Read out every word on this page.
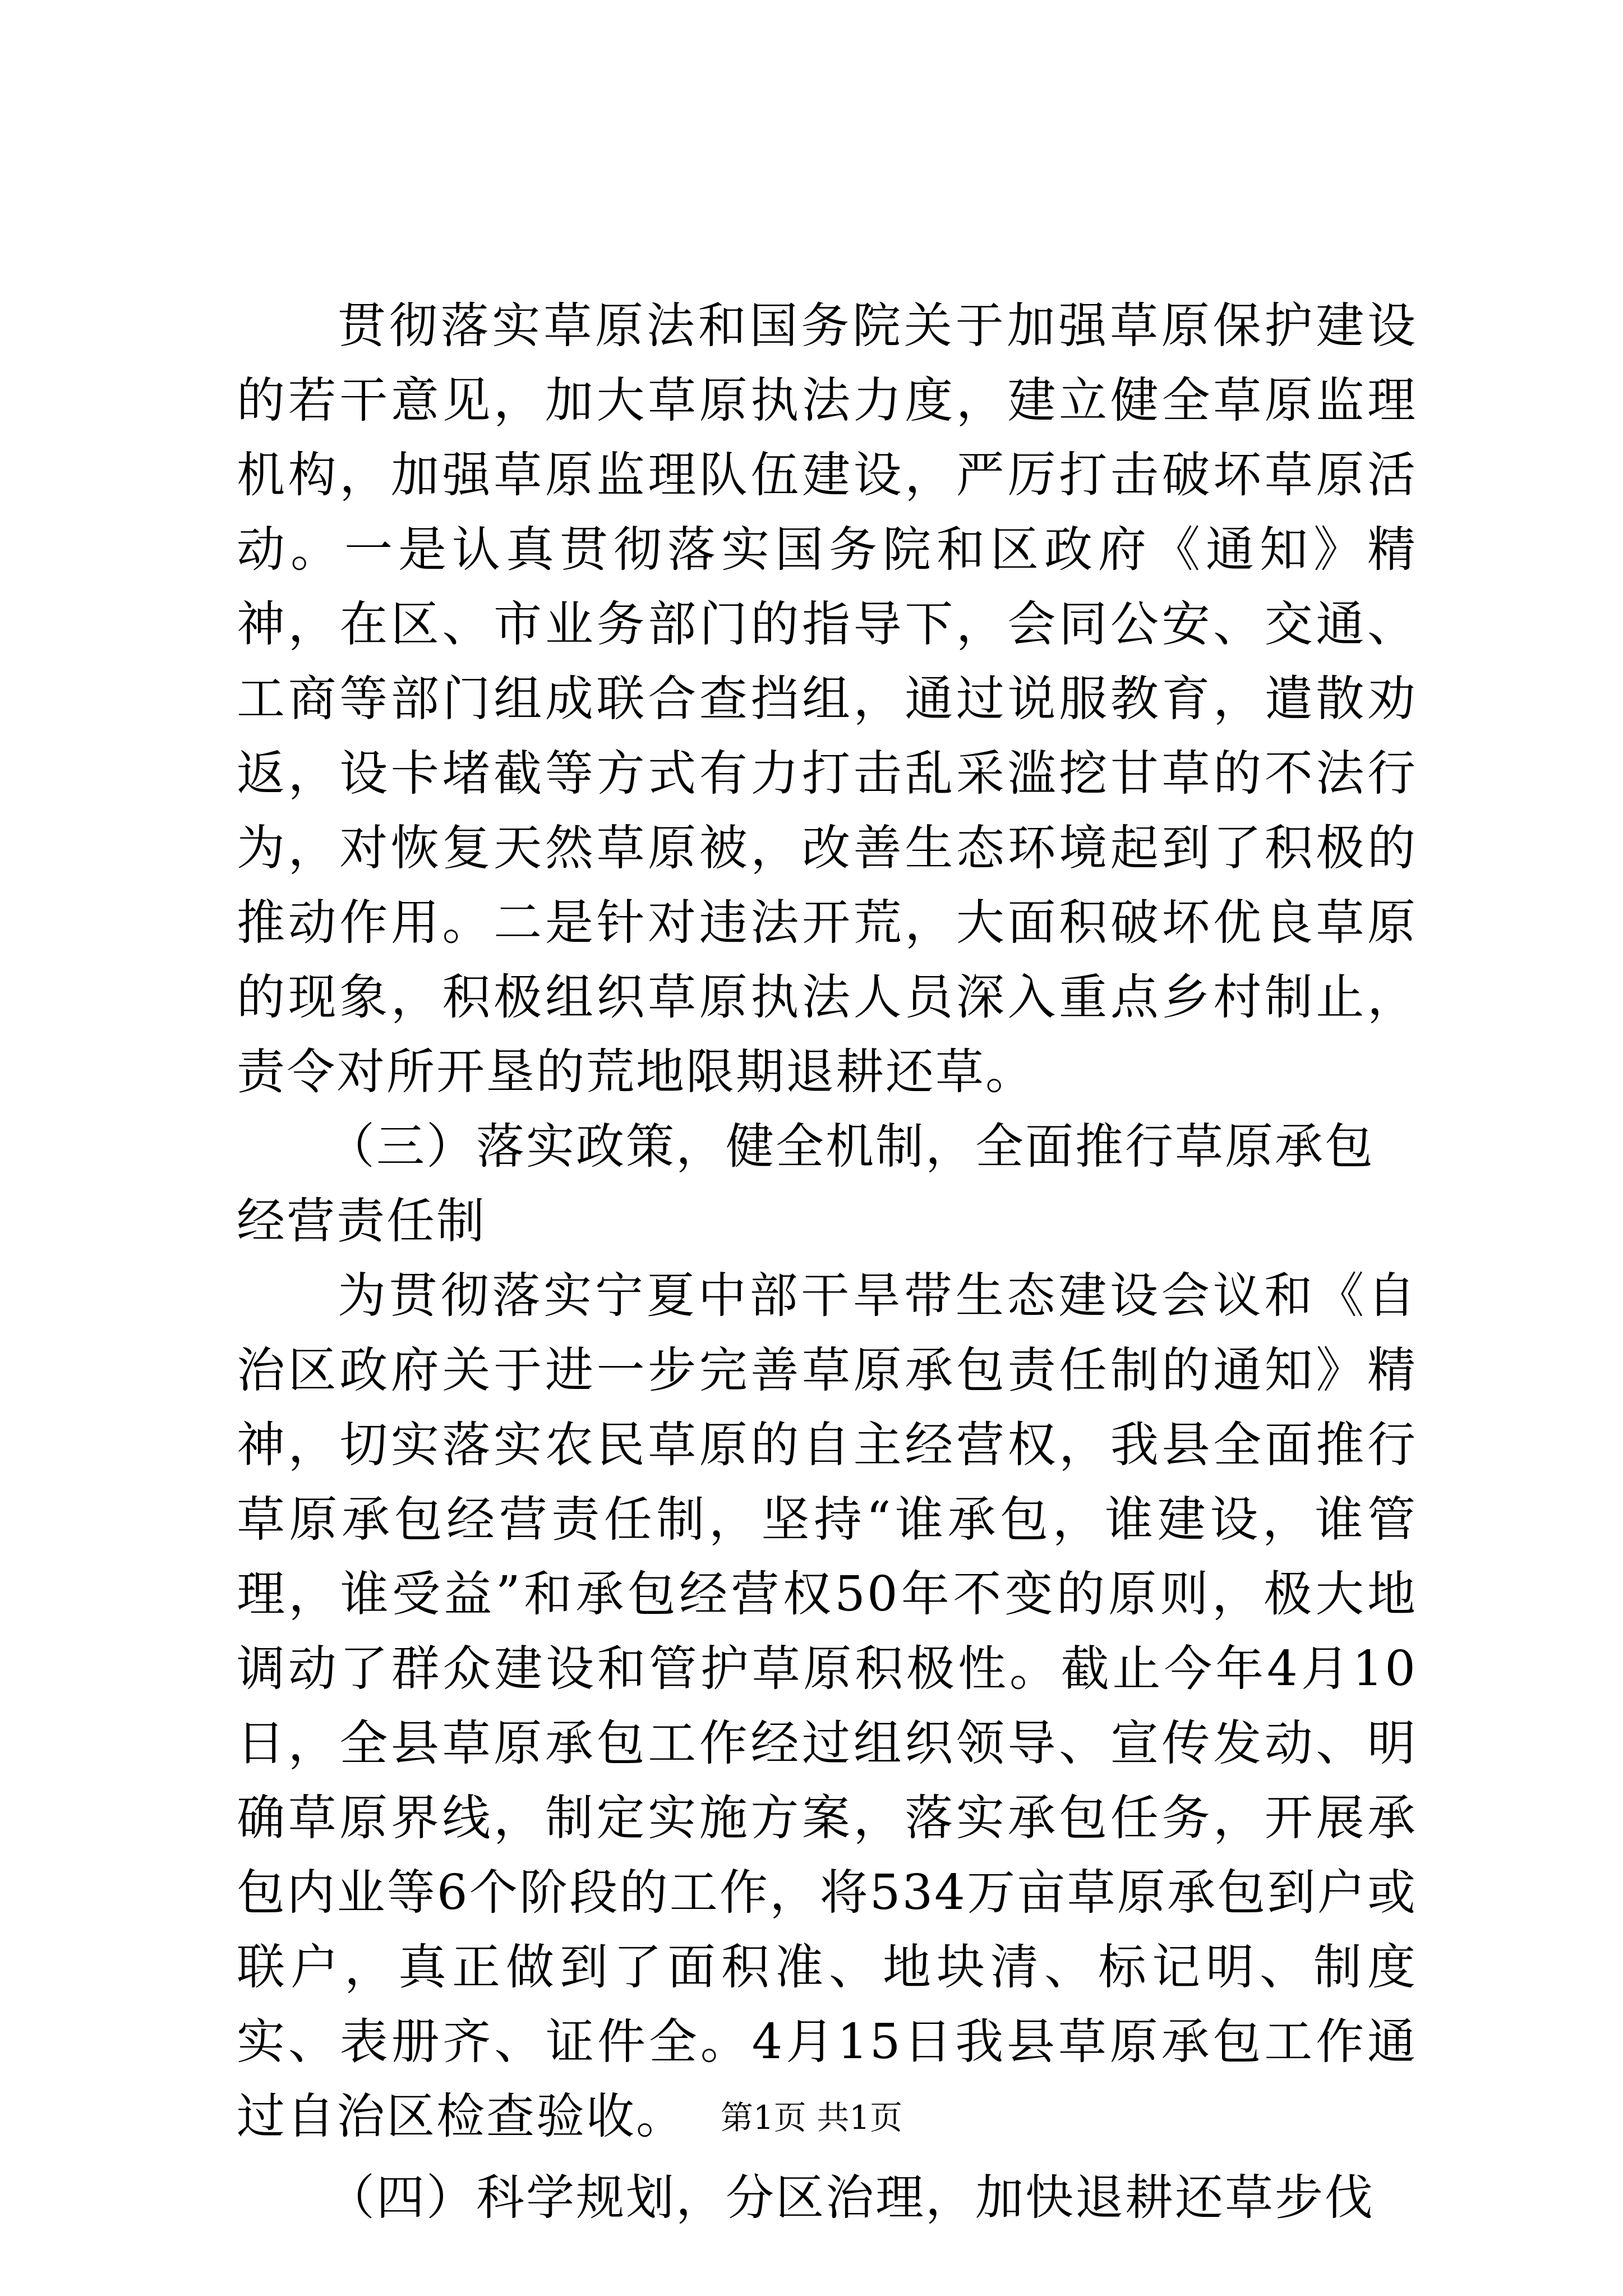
贯彻落实草原法和国务院关于加强草原保护建设的若干意见，加大草原执法力度，建立健全草原监理机构，加强草原监理队伍建设，严厉打击破坏草原活动。一是认真贯彻落实国务院和区政府《通知》精神，在区、市业务部门的指导下，会同公安、交通、工商等部门组成联合查挡组，通过说服教育，遣散劝返，设卡堵截等方式有力打击乱采滥挖甘草的不法行为，对恢复天然草原被，改善生态环境起到了积极的推动作用。二是针对违法开荒，大面积破坏优良草原的现象，积极组织草原执法人员深入重点乡村制止，责令对所开垦的荒地限期退耕还草。

（三）落实政策，健全机制，全面推行草原承包经营责任制

为贯彻落实宁夏中部干旱带生态建设会议和《自治区政府关于进一步完善草原承包责任制的通知》精神，切实落实农民草原的自主经营权，我县全面推行草原承包经营责任制，坚持“谁承包，谁建设，谁管理，谁受益”和承包经营权50年不变的原则，极大地调动了群众建设和管护草原积极性。截止今年4月10日，全县草原承包工作经过组织领导、宣传发动、明确草原界线，制定实施方案，落实承包任务，开展承包内业等6个阶段的工作，将534万亩草原承包到户或联户，真正做到了面积准、地块清、标记明、制度实、表册齐、证件全。4月15日我县草原承包工作通过自治区检查验收。

（四）科学规划，分区治理，加快退耕还草步伐

第1页 共1页
